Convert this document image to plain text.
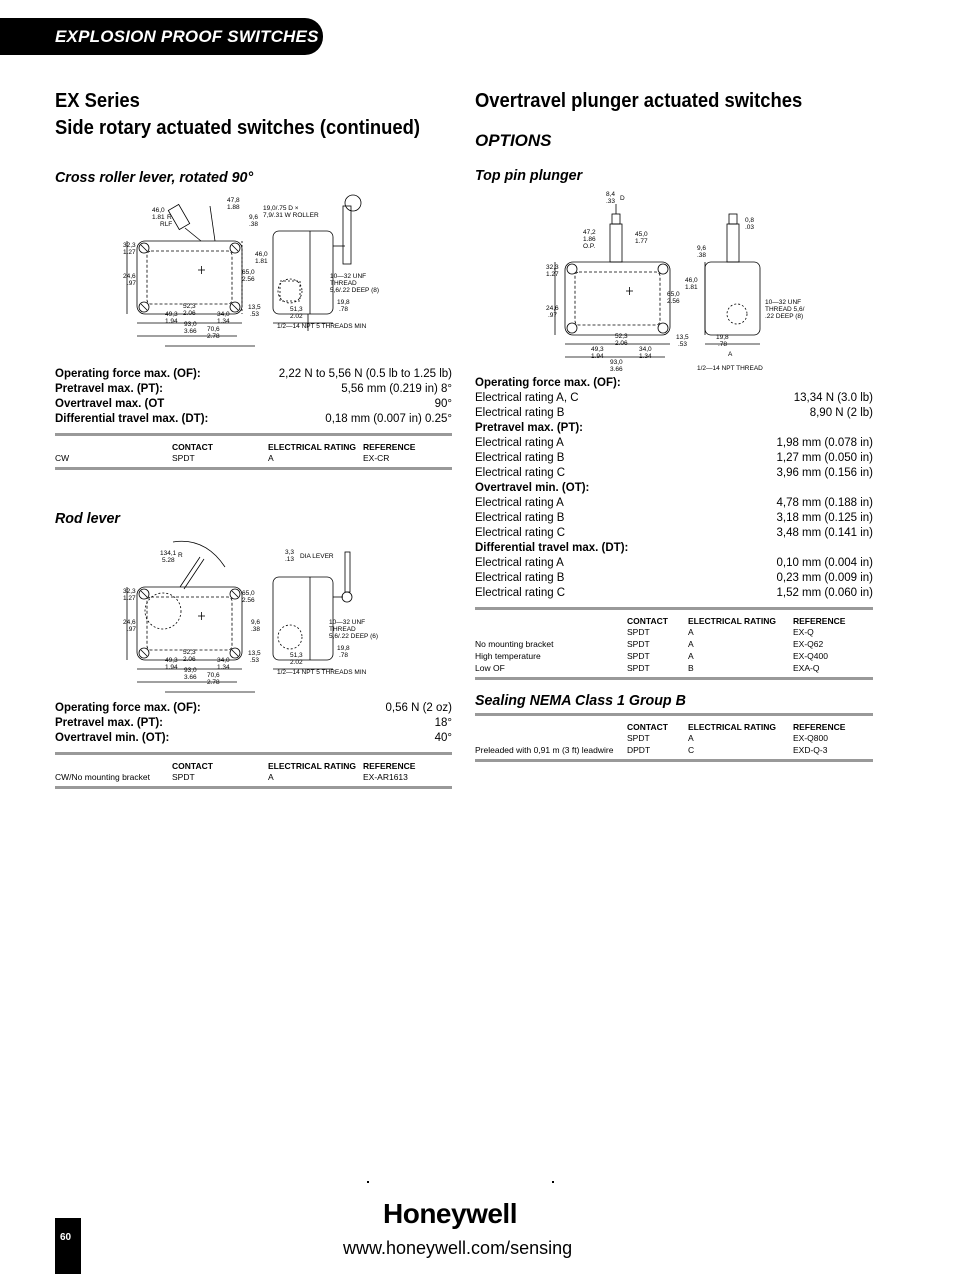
EXPLOSION PROOF SWITCHES
EX Series
Side rotary actuated switches (continued)
Cross roller lever, rotated 90°
46,0
1.81 R
RLF
47,8
1.88	19,0/.75 D ×
7,9/.31 W ROLLER
9,6
.38
32,3
1.27
24,6
.97
46,0
1.81
65,0
2.56	10—32 UNF
THREAD
5,6/.22 DEEP (8)
52,3
2.06
49,3
1.94 93,0
3.66
34,0
1.34
70,6
2.78
13,5
.53
51,3
2.02
19,8
.78
1/2—14 NPT 5 THREADS MIN
Operating force max. (OF):	2,22 N to 5,56 N (0.5 lb to 1.25 lb)
Pretravel max. (PT):	5,56 mm (0.219 in) 8°
Overtravel max. (OT	90°
Differential travel max. (DT):	0,18 mm (0.007 in) 0.25°
	CONTACT	ELECTRICAL RATING	REFERENCE
CW	SPDT	A	EX-CR
Rod lever
134,1
5.28
R	3,3
.13 DIA LEVER
32,3
1.27
24,6
.97
65,0
2.56
9,6
.38
10—32 UNF
THREAD
5,6/.22 DEEP (6)
52,3
2.06
49,3
1.94 93,0
3.66
34,0
1.34
70,6
2.78
13,5
.53
51,3
2.02
19,8
.78
1/2—14 NPT 5 THREADS MIN
Operating force max. (OF):	0,56 N (2 oz)
Pretravel max. (PT):	18°
Overtravel min. (OT):	40°
	CONTACT	ELECTRICAL RATING	REFERENCE
CW/No mounting bracket	SPDT	A	EX-AR1613
Overtravel plunger actuated switches
OPTIONS
Top pin plunger
8,4
.33 D
47,2
1.86
O.P.
45,0
1.77
0,8
.03
9,6
.38
32,3
1.27
46,0
1.81
65,0
2.56
24,6
.97
10—32 UNF
THREAD 5,6/
.22 DEEP (8)
52,3
2.06
49,3
1.94
34,0
1.34
13,5
.53
19,8
.78
93,0
3.66
A
1/2—14 NPT THREAD
Operating force max. (OF):
Electrical rating A, C	13,34 N (3.0 lb)
Electrical rating B	8,90 N (2 lb)
Pretravel max. (PT):
Electrical rating A	1,98 mm (0.078 in)
Electrical rating B	1,27 mm (0.050 in)
Electrical rating C	3,96 mm (0.156 in)
Overtravel min. (OT):
Electrical rating A	4,78 mm (0.188 in)
Electrical rating B	3,18 mm (0.125 in)
Electrical rating C	3,48 mm (0.141 in)
Differential travel max. (DT):
Electrical rating A	0,10 mm (0.004 in)
Electrical rating B	0,23 mm (0.009 in)
Electrical rating C	1,52 mm (0.060 in)
	CONTACT	ELECTRICAL RATING	REFERENCE
	SPDT	A	EX-Q
No mounting bracket	SPDT	A	EX-Q62
High temperature	SPDT	A	EX-Q400
Low OF	SPDT	B	EXA-Q
Sealing NEMA Class 1 Group B
	CONTACT	ELECTRICAL RATING	REFERENCE
	SPDT	A	EX-Q800
Preleaded with 0,91 m (3 ft) leadwire	DPDT	C	EXD-Q-3
60
Honeywell
www.honeywell.com/sensing
